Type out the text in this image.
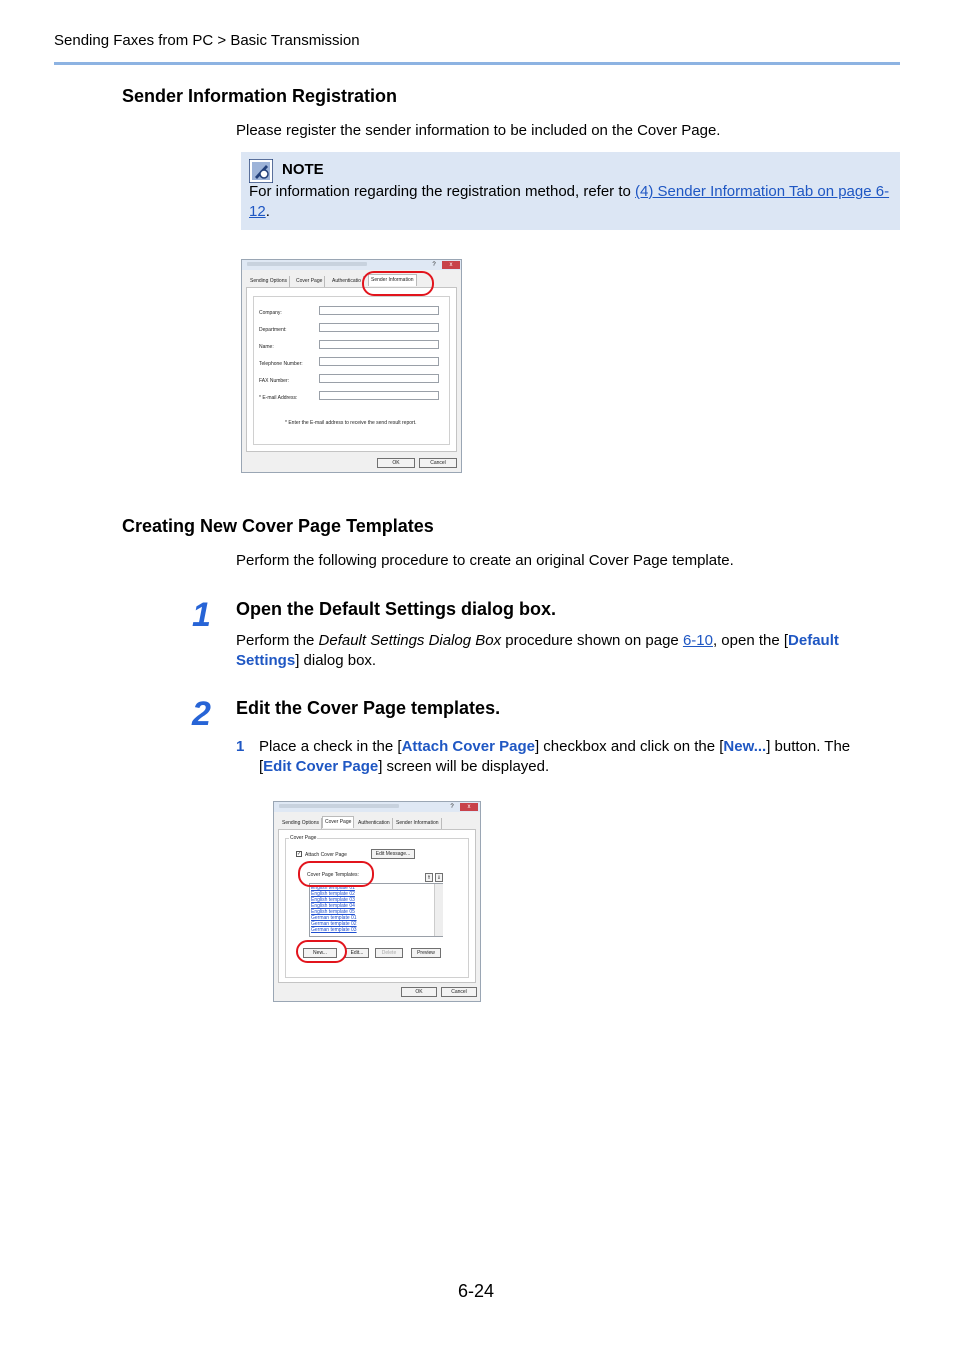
Sending Faxes from PC > Basic Transmission
Sender Information Registration
Please register the sender information to be included on the Cover Page.
NOTE
For information regarding the registration method, refer to (4) Sender Information Tab on page 6-12.
?	x
Sending Options	Cover Page	Authenticatio	Sender Information
Company:
Department:
Name:
Telephone Number:
FAX Number:
* E-mail Address:
* Enter the E-mail address to receive the send result report.
OK	Cancel
Creating New Cover Page Templates
Perform the following procedure to create an original Cover Page template.
1 Open the Default Settings dialog box.
Perform the Default Settings Dialog Box procedure shown on page 6-10, open the [Default
Settings] dialog box.
2 Edit the Cover Page templates.
1 Place a check in the [Attach Cover Page] checkbox and click on the [New...] button. The
[Edit Cover Page] screen will be displayed.
?	x
Sending Options	Cover Page	Authentication	Sender Information
Cover Page
✓ Attach Cover Page	Edit Message...
Cover Page Templates:	⇑	⇓
English template 01
English template 02
English template 03
English template 04
English template 05
German template 01
German template 02
German template 03
New...	Edit...	Delete	Preview
OK	Cancel
6-24
